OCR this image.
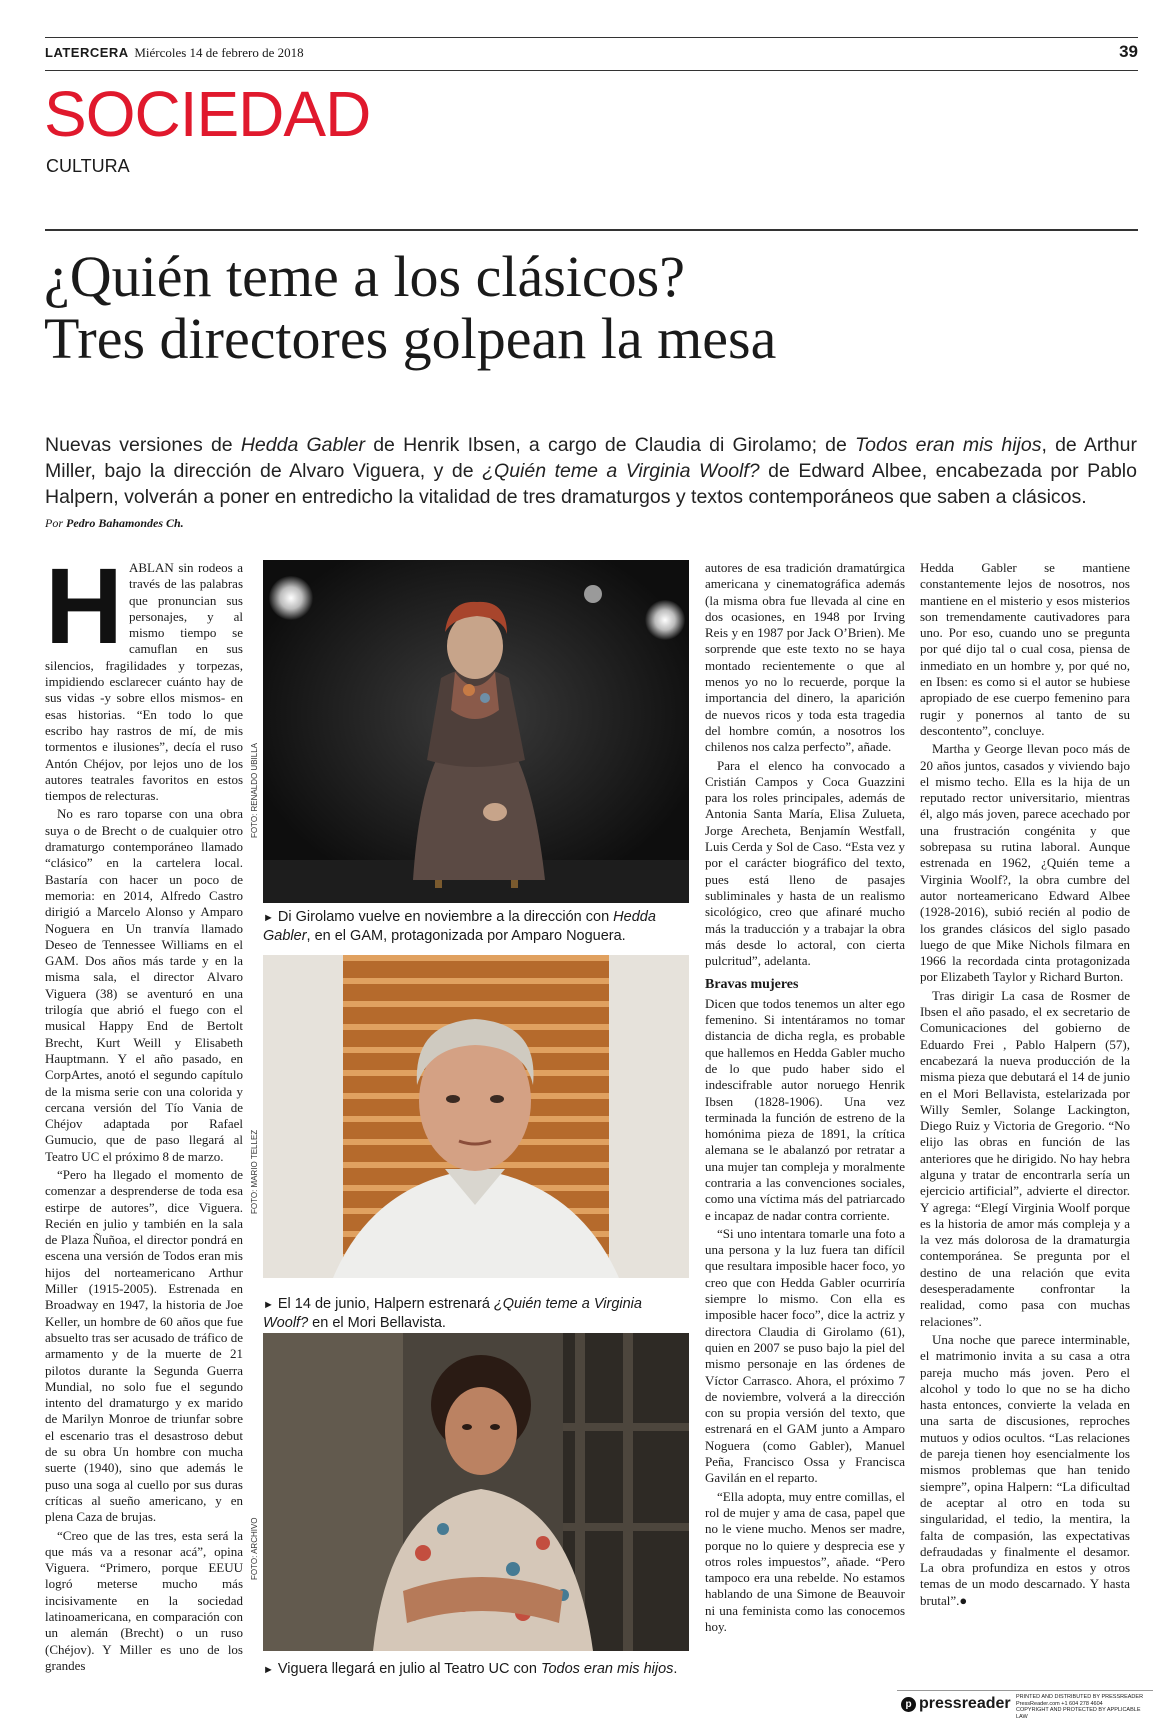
LATERCERA Miércoles 14 de febrero de 2018	39
SOCIEDAD
CULTURA
¿Quién teme a los clásicos?
Tres directores golpean la mesa

Nuevas versiones de Hedda Gabler de Henrik Ibsen, a cargo de Claudia di Girolamo; de Todos eran mis hijos, de Arthur Miller, bajo la dirección de Alvaro Viguera, y de ¿Quién teme a Virginia Woolf? de Edward Albee, encabezada por Pablo Halpern, volverán a poner en entredicho la vitalidad de tres dramaturgos y textos contemporáneos que saben a clásicos.

Por Pedro Bahamondes Ch.
H ABLAN sin rodeos a través de las palabras que pronuncian sus personajes, y al mismo tiempo se camuflan en sus silencios, fragilidades y torpezas, impidiendo esclarecer cuánto hay de sus vidas -y sobre ellos mismos- en esas historias. “En todo lo que escribo hay rastros de mí, de mis tormentos e ilusiones”, decía el ruso Antón Chéjov, por lejos uno de los autores teatrales favoritos en estos tiempos de relecturas.

No es raro toparse con una obra suya o de Brecht o de cualquier otro dramaturgo contemporáneo llamado “clásico” en la cartelera local. Bastaría con hacer un poco de memoria: en 2014, Alfredo Castro dirigió a Marcelo Alonso y Amparo Noguera en Un tranvía llamado Deseo de Tennessee Williams en el GAM. Dos años más tarde y en la misma sala, el director Alvaro Viguera (38) se aventuró en una trilogía que abrió el fuego con el musical Happy End de Bertolt Brecht, Kurt Weill y Elisabeth Hauptmann. Y el año pasado, en CorpArtes, anotó el segundo capítulo de la misma serie con una colorida y cercana versión del Tío Vania de Chéjov adaptada por Rafael Gumucio, que de paso llegará al Teatro UC el próximo 8 de marzo.

“Pero ha llegado el momento de comenzar a desprenderse de toda esa estirpe de autores”, dice Viguera. Recién en julio y también en la sala de Plaza Ñuñoa, el director pondrá en escena una versión de Todos eran mis hijos del norteamericano Arthur Miller (1915-2005). Estrenada en Broadway en 1947, la historia de Joe Keller, un hombre de 60 años que fue absuelto tras ser acusado de tráfico de armamento y de la muerte de 21 pilotos durante la Segunda Guerra Mundial, no solo fue el segundo intento del dramaturgo y ex marido de Marilyn Monroe de triunfar sobre el escenario tras el desastroso debut de su obra Un hombre con mucha suerte (1940), sino que además le puso una soga al cuello por sus duras críticas al sueño americano, y en plena Caza de brujas.

“Creo que de las tres, esta será la que más va a resonar acá”, opina Viguera. “Primero, porque EEUU logró meterse mucho más incisivamente en la sociedad latinoamericana, en comparación con un alemán (Brecht) o un ruso (Chéjov). Y Miller es uno de los grandes

FOTO: RENALDO UBILLA
► Di Girolamo vuelve en noviembre a la dirección con Hedda Gabler, en el GAM, protagonizada por Amparo Noguera.
FOTO: MARIO TELLEZ
► El 14 de junio, Halpern estrenará ¿Quién teme a Virginia Woolf? en el Mori Bellavista.
FOTO: ARCHIVO
► Viguera llegará en julio al Teatro UC con Todos eran mis hijos.

autores de esa tradición dramatúrgica americana y cinematográfica además (la misma obra fue llevada al cine en dos ocasiones, en 1948 por Irving Reis y en 1987 por Jack O’Brien). Me sorprende que este texto no se haya montado recientemente o que al menos yo no lo recuerde, porque la importancia del dinero, la aparición de nuevos ricos y toda esta tragedia del hombre común, a nosotros los chilenos nos calza perfecto”, añade.

Para el elenco ha convocado a Cristián Campos y Coca Guazzini para los roles principales, además de Antonia Santa María, Elisa Zulueta, Jorge Arecheta, Benjamín Westfall, Luis Cerda y Sol de Caso. “Esta vez y por el carácter biográfico del texto, pues está lleno de pasajes subliminales y hasta de un realismo sicológico, creo que afinaré mucho más la traducción y a trabajar la obra más desde lo actoral, con cierta pulcritud”, adelanta.

Bravas mujeres

Dicen que todos tenemos un alter ego femenino. Si intentáramos no tomar distancia de dicha regla, es probable que hallemos en Hedda Gabler mucho de lo que pudo haber sido el indescifrable autor noruego Henrik Ibsen (1828-1906). Una vez terminada la función de estreno de la homónima pieza de 1891, la crítica alemana se le abalanzó por retratar a una mujer tan compleja y moralmente contraria a las convenciones sociales, como una víctima más del patriarcado e incapaz de nadar contra corriente.

“Si uno intentara tomarle una foto a una persona y la luz fuera tan difícil que resultara imposible hacer foco, yo creo que con Hedda Gabler ocurriría siempre lo mismo. Con ella es imposible hacer foco”, dice la actriz y directora Claudia di Girolamo (61), quien en 2007 se puso bajo la piel del mismo personaje en las órdenes de Víctor Carrasco. Ahora, el próximo 7 de noviembre, volverá a la dirección con su propia versión del texto, que estrenará en el GAM junto a Amparo Noguera (como Gabler), Manuel Peña, Francisco Ossa y Francisca Gavilán en el reparto.

“Ella adopta, muy entre comillas, el rol de mujer y ama de casa, papel que no le viene mucho. Menos ser madre, porque no lo quiere y desprecia ese y otros roles impuestos”, añade. “Pero tampoco era una rebelde. No estamos hablando de una Simone de Beauvoir ni una feminista como las conocemos hoy.

Hedda Gabler se mantiene constantemente lejos de nosotros, nos mantiene en el misterio y esos misterios son tremendamente cautivadores para uno. Por eso, cuando uno se pregunta por qué dijo tal o cual cosa, piensa de inmediato en un hombre y, por qué no, en Ibsen: es como si el autor se hubiese apropiado de ese cuerpo femenino para rugir y ponernos al tanto de su descontento”, concluye.

Martha y George llevan poco más de 20 años juntos, casados y viviendo bajo el mismo techo. Ella es la hija de un reputado rector universitario, mientras él, algo más joven, parece acechado por una frustración congénita y que sobrepasa su rutina laboral. Aunque estrenada en 1962, ¿Quién teme a Virginia Woolf?, la obra cumbre del autor norteamericano Edward Albee (1928-2016), subió recién al podio de los grandes clásicos del siglo pasado luego de que Mike Nichols filmara en 1966 la recordada cinta protagonizada por Elizabeth Taylor y Richard Burton.

Tras dirigir La casa de Rosmer de Ibsen el año pasado, el ex secretario de Comunicaciones del gobierno de Eduardo Frei , Pablo Halpern (57), encabezará la nueva producción de la misma pieza que debutará el 14 de junio en el Mori Bellavista, estelarizada por Willy Semler, Solange Lackington, Diego Ruiz y Victoria de Gregorio. “No elijo las obras en función de las anteriores que he dirigido. No hay hebra alguna y tratar de encontrarla sería un ejercicio artificial”, advierte el director. Y agrega: “Elegí Virginia Woolf porque es la historia de amor más compleja y a la vez más dolorosa de la dramaturgia contemporánea. Se pregunta por el destino de una relación que evita desesperadamente confrontar la realidad, como pasa con muchas relaciones”.

Una noche que parece interminable, el matrimonio invita a su casa a otra pareja mucho más joven. Pero el alcohol y todo lo que no se ha dicho hasta entonces, convierte la velada en una sarta de discusiones, reproches mutuos y odios ocultos. “Las relaciones de pareja tienen hoy esencialmente los mismos problemas que han tenido siempre”, opina Halpern: “La dificultad de aceptar al otro en toda su singularidad, el tedio, la mentira, la falta de compasión, las expectativas defraudadas y finalmente el desamor. La obra profundiza en estos y otros temas de un modo descarnado. Y hasta brutal”.●

p pressreader PRINTED AND DISTRIBUTED BY PRESSREADER
PressReader.com +1 604 278 4604
COPYRIGHT AND PROTECTED BY APPLICABLE LAW
